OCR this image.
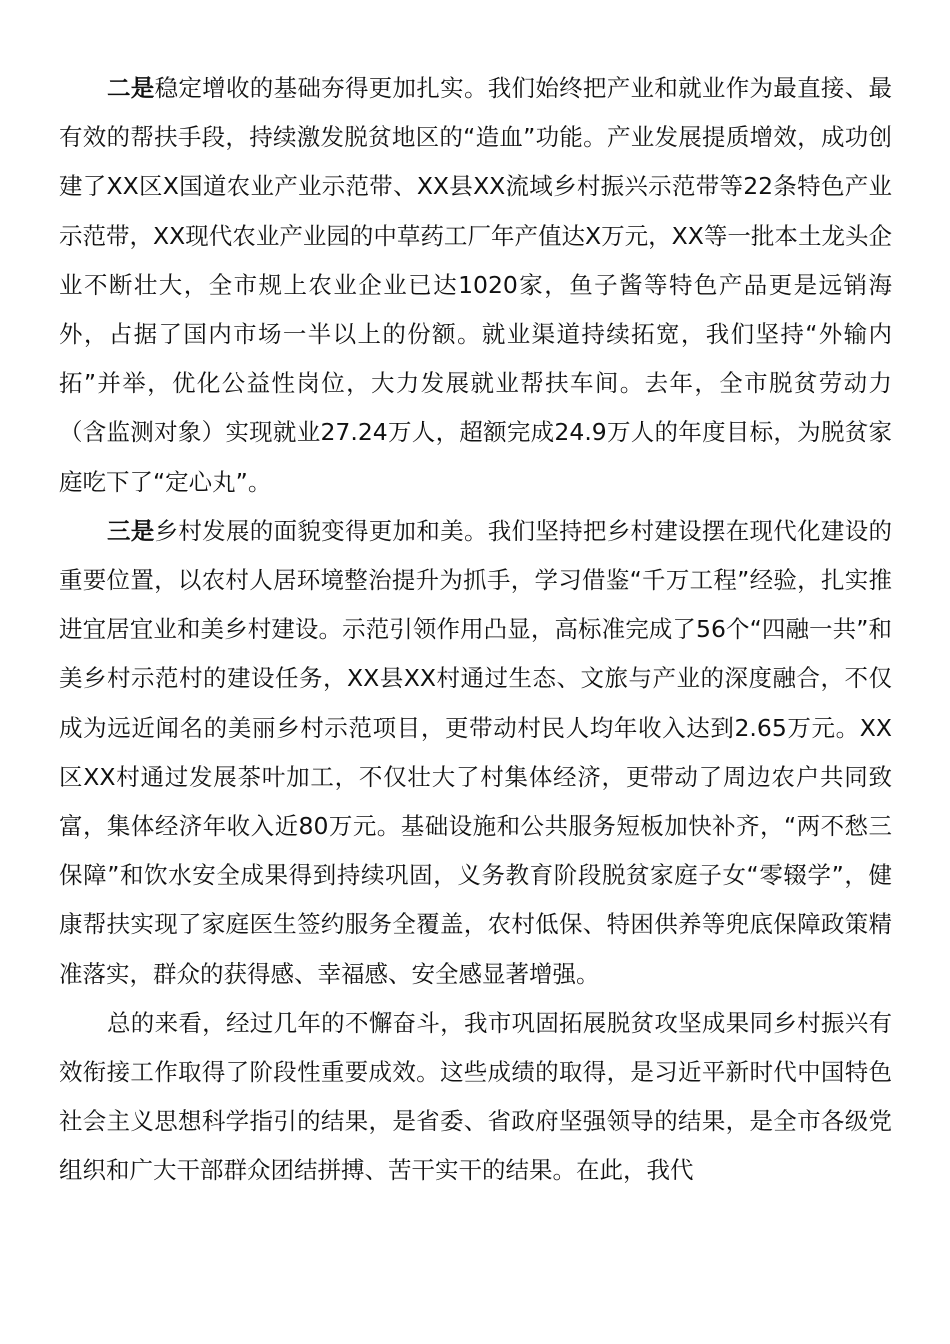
二是稳定增收的基础夯得更加扎实。我们始终把产业和就业作为最直接、最有效的帮扶手段，持续激发脱贫地区的“造血”功能。产业发展提质增效，成功创建了XX区X国道农业产业示范带、XX县XX流域乡村振兴示范带等22条特色产业示范带，XX现代农业产业园的中草药工厂年产值达X万元，XX等一批本土龙头企业不断壮大，全市规上农业企业已达1020家，鱼子酱等特色产品更是远销海外，占据了国内市场一半以上的份额。就业渠道持续拓宽，我们坚持“外输内拓”并举，优化公益性岗位，大力发展就业帮扶车间。去年，全市脱贫劳动力（含监测对象）实现就业27.24万人，超额完成24.9万人的年度目标，为脱贫家庭吃下了“定心丸”。

三是乡村发展的面貌变得更加和美。我们坚持把乡村建设摆在现代化建设的重要位置，以农村人居环境整治提升为抓手，学习借鉴“千万工程”经验，扎实推进宜居宜业和美乡村建设。示范引领作用凸显，高标准完成了56个“四融一共”和美乡村示范村的建设任务，XX县XX村通过生态、文旅与产业的深度融合，不仅成为远近闻名的美丽乡村示范项目，更带动村民人均年收入达到2.65万元。XX区XX村通过发展茶叶加工，不仅壮大了村集体经济，更带动了周边农户共同致富，集体经济年收入近80万元。基础设施和公共服务短板加快补齐，“两不愁三保障”和饮水安全成果得到持续巩固，义务教育阶段脱贫家庭子女“零辍学”，健康帮扶实现了家庭医生签约服务全覆盖，农村低保、特困供养等兜底保障政策精准落实，群众的获得感、幸福感、安全感显著增强。

总的来看，经过几年的不懈奋斗，我市巩固拓展脱贫攻坚成果同乡村振兴有效衔接工作取得了阶段性重要成效。这些成绩的取得，是习近平新时代中国特色社会主义思想科学指引的结果，是省委、省政府坚强领导的结果，是全市各级党组织和广大干部群众团结拼搏、苦干实干的结果。在此，我代
